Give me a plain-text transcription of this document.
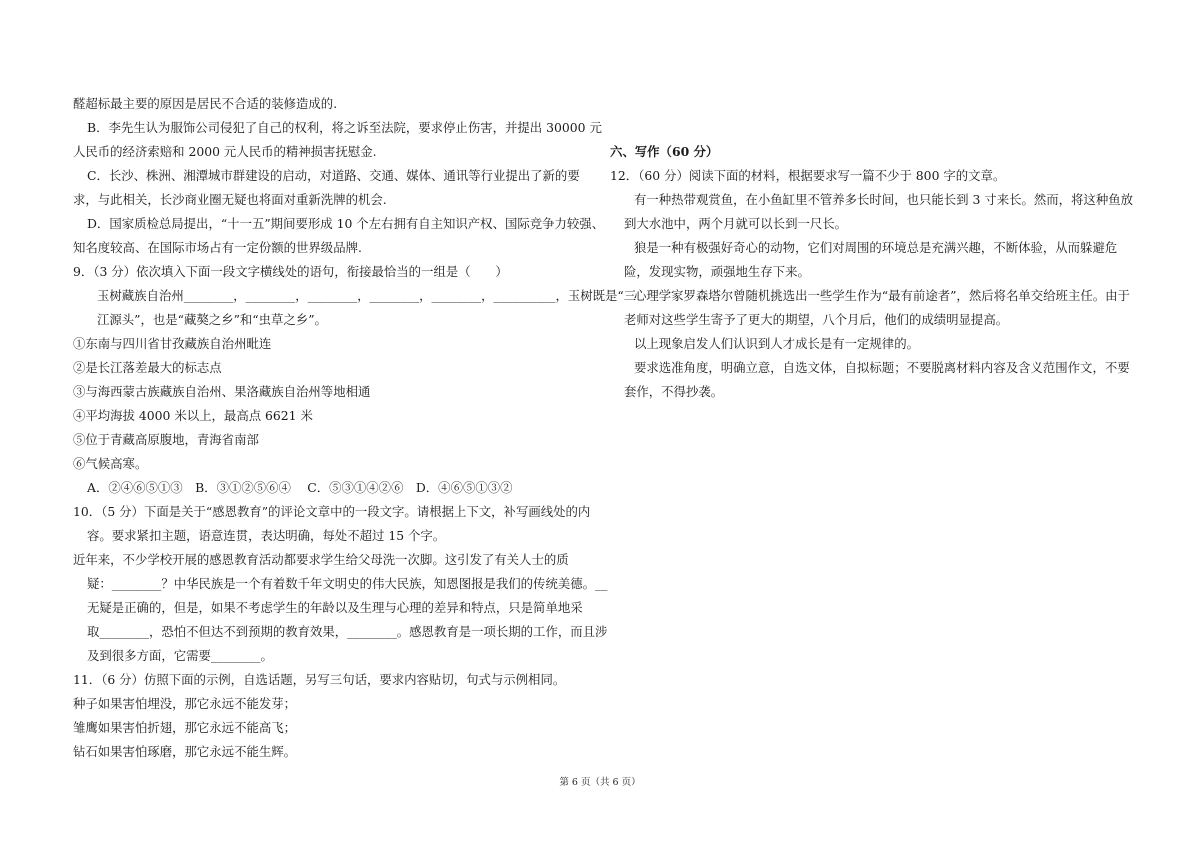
醛超标最主要的原因是居民不合适的装修造成的.
B．李先生认为服饰公司侵犯了自己的权利，将之诉至法院，要求停止伤害，并提出 30000 元
人民币的经济索赔和 2000 元人民币的精神损害抚慰金.
C．长沙、株洲、湘潭城市群建设的启动，对道路、交通、媒体、通讯等行业提出了新的要
求，与此相关，长沙商业圈无疑也将面对重新洗牌的机会.
D．国家质检总局提出，“十一五”期间要形成 10 个左右拥有自主知识产权、国际竞争力较强、
知名度较高、在国际市场占有一定份额的世界级品牌.
9．（3 分）依次填入下面一段文字横线处的语句，衔接最恰当的一组是（　　）
玉树藏族自治州________，________，________，________，________，__________，玉树既是“三
江源头”，也是“藏獒之乡”和“虫草之乡”。
①东南与四川省甘孜藏族自治州毗连
②是长江落差最大的标志点
③与海西蒙古族藏族自治州、果洛藏族自治州等地相通
④平均海拔 4000 米以上，最高点 6621 米
⑤位于青藏高原腹地，青海省南部
⑥气候高寒。
A．②④⑥⑤①③　B．③①②⑤⑥④　 C．⑤③①④②⑥　D．④⑥⑤①③②
10．（5 分）下面是关于“感恩教育”的评论文章中的一段文字。请根据上下文，补写画线处的内
容。要求紧扣主题，语意连贯，表达明确，每处不超过 15 个字。
近年来，不少学校开展的感恩教育活动都要求学生给父母洗一次脚。这引发了有关人士的质
疑：________？中华民族是一个有着数千年文明史的伟大民族，知恩图报是我们的传统美德。__
无疑是正确的，但是，如果不考虑学生的年龄以及生理与心理的差异和特点，只是简单地采
取________，恐怕不但达不到预期的教育效果，________。感恩教育是一项长期的工作，而且涉
及到很多方面，它需要________。
11．（6 分）仿照下面的示例，自选话题，另写三句话，要求内容贴切，句式与示例相同。
种子如果害怕埋没，那它永远不能发芽；
雏鹰如果害怕折翅，那它永远不能高飞；
钻石如果害怕琢磨，那它永远不能生辉。
六、写作（60 分）
12．（60 分）阅读下面的材料，根据要求写一篇不少于 800 字的文章。
有一种热带观赏鱼，在小鱼缸里不管养多长时间，也只能长到 3 寸来长。然而，将这种鱼放
到大水池中，两个月就可以长到一尺长。
狼是一种有极强好奇心的动物，它们对周围的环境总是充满兴趣，不断体验，从而躲避危
险，发现实物，顽强地生存下来。
心理学家罗森塔尔曾随机挑选出一些学生作为“最有前途者”，然后将名单交给班主任。由于
老师对这些学生寄予了更大的期望，八个月后，他们的成绩明显提高。
以上现象启发人们认识到人才成长是有一定规律的。
要求选准角度，明确立意，自选文体，自拟标题；不要脱离材料内容及含义范围作文，不要
套作，不得抄袭。
第 6 页（共 6 页）
